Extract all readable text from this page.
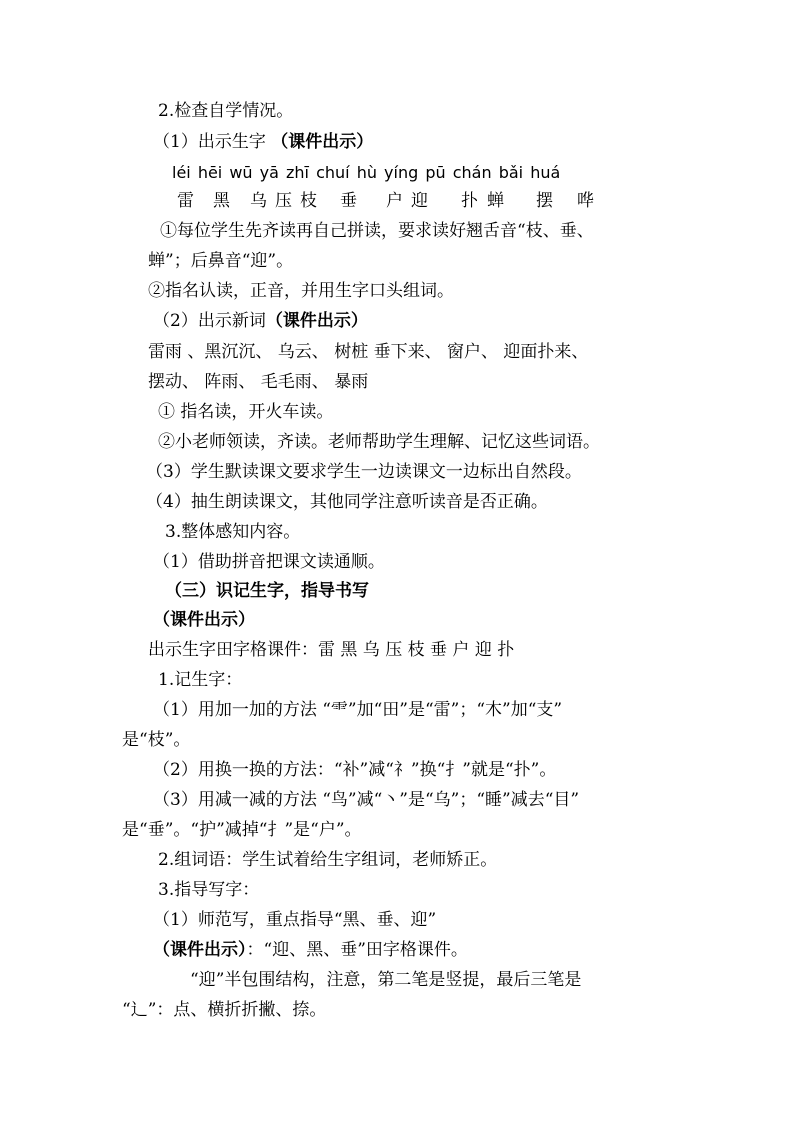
2.检查自学情况。
（1）出示生字 （课件出示）
léi hēi wū yā zhī chuí hù yíng pū chán bǎi huá
雷 黑 乌 压 枝 垂 户 迎 扑 蝉 摆 哗
①每位学生先齐读再自己拼读，要求读好翘舌音“枝、垂、
蝉”；后鼻音“迎”。
②指名认读，正音，并用生字口头组词。
（2）出示新词（课件出示）
雷雨 、黑沉沉、 乌云、 树桩 垂下来、 窗户、 迎面扑来、
摆动、 阵雨、 毛毛雨、 暴雨
① 指名读，开火车读。
②小老师领读，齐读。老师帮助学生理解、记忆这些词语。
（3）学生默读课文要求学生一边读课文一边标出自然段。
（4）抽生朗读课文，其他同学注意听读音是否正确。
3.整体感知内容。
（1）借助拼音把课文读通顺。
（三）识记生字，指导书写
（课件出示）
出示生字田字格课件：雷 黑 乌 压 枝 垂 户 迎 扑
1.记生字：
（1）用加一加的方法 “⻗”加“田”是“雷”；“木”加“支”
是“枝”。
（2）用换一换的方法：“补”减“礻”换“扌”就是“扑”。
（3）用减一减的方法 “鸟”减“丶”是“乌”；“睡”减去“目”
是“垂”。“护”减掉“扌”是“户”。
2.组词语：学生试着给生字组词，老师矫正。
3.指导写字：
（1）师范写，重点指导“黑、垂、迎”
（课件出示）：“迎、黑、垂”田字格课件。
“迎”半包围结构，注意，第二笔是竖提，最后三笔是
“⻌”：点、横折折撇、捺。
